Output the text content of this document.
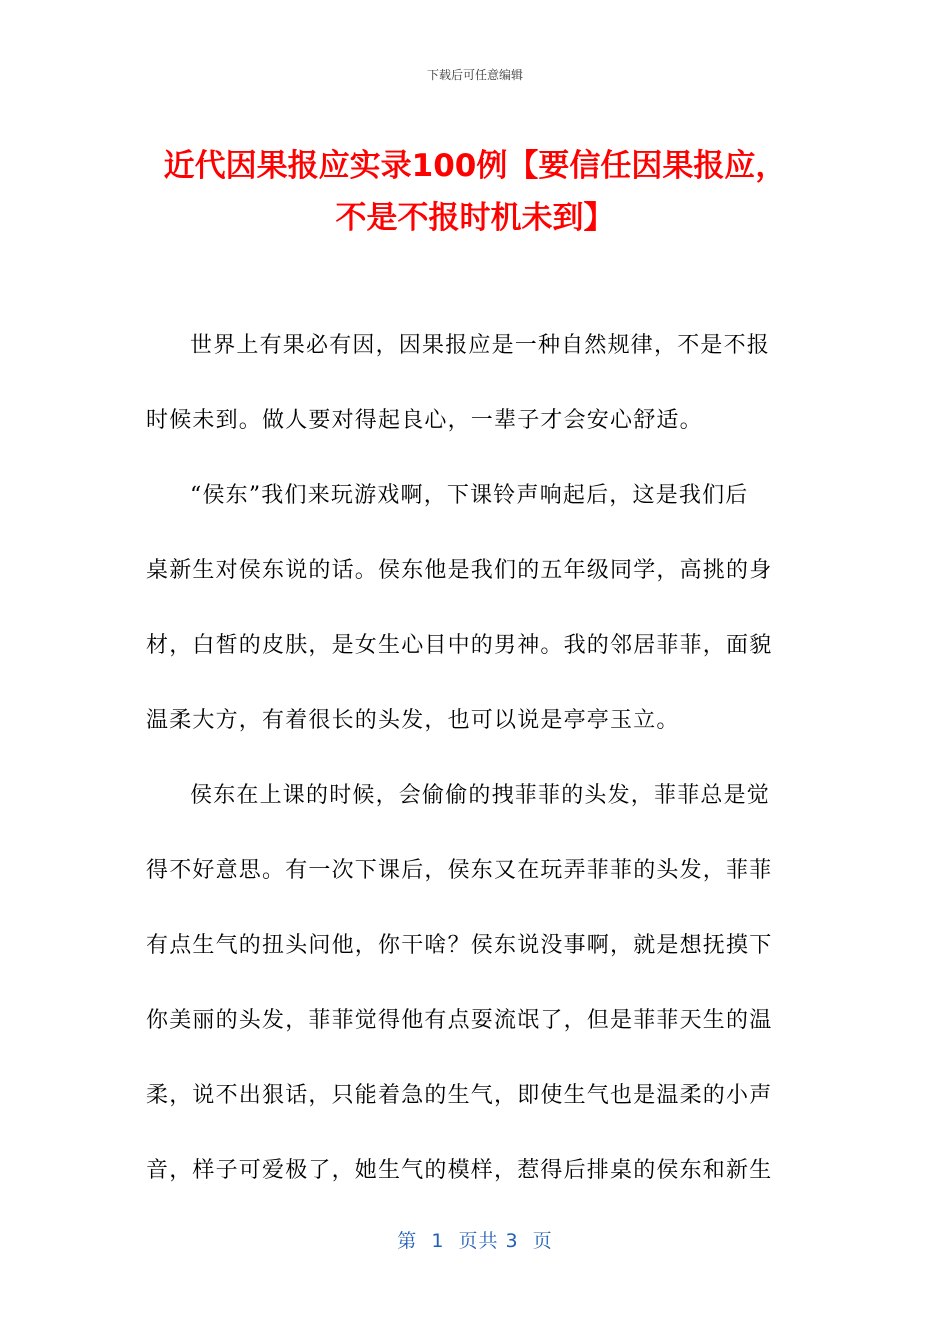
下载后可任意编辑
近代因果报应实录100例【要信任因果报应，
不是不报时机未到】

世界上有果必有因，因果报应是一种自然规律，不是不报
时候未到。做人要对得起良心，一辈子才会安心舒适。

“侯东”我们来玩游戏啊，下课铃声响起后，这是我们后
桌新生对侯东说的话。侯东他是我们的五年级同学，高挑的身
材，白皙的皮肤，是女生心目中的男神。我的邻居菲菲，面貌
温柔大方，有着很长的头发，也可以说是亭亭玉立。

侯东在上课的时候，会偷偷的拽菲菲的头发，菲菲总是觉
得不好意思。有一次下课后，侯东又在玩弄菲菲的头发，菲菲
有点生气的扭头问他，你干啥？侯东说没事啊，就是想抚摸下
你美丽的头发，菲菲觉得他有点耍流氓了，但是菲菲天生的温
柔，说不出狠话，只能着急的生气，即使生气也是温柔的小声
音，样子可爱极了，她生气的模样，惹得后排桌的侯东和新生

第  1  页共 3  页
